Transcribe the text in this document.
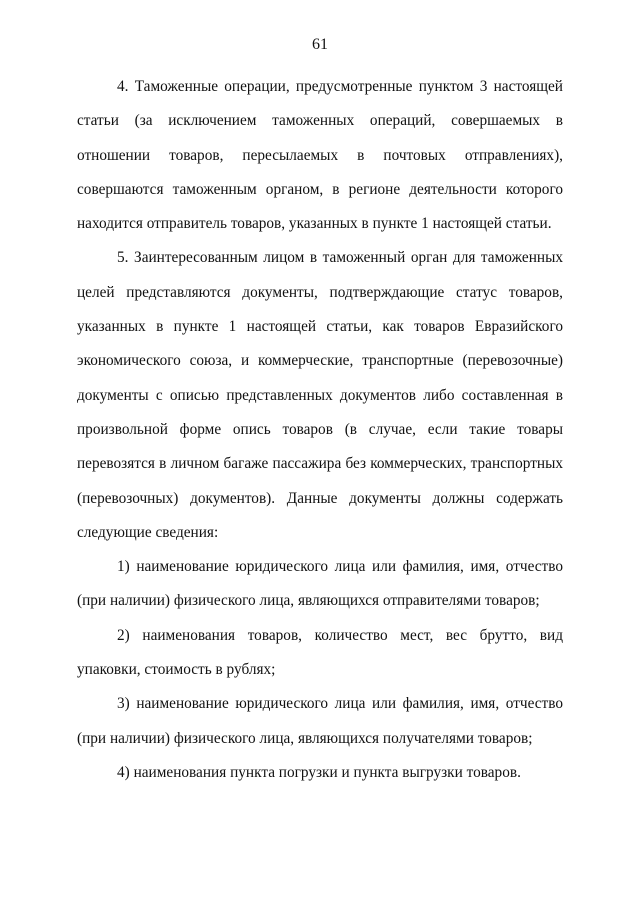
61

4. Таможенные операции, предусмотренные пунктом 3 настоящей статьи (за исключением таможенных операций, совершаемых в отношении товаров, пересылаемых в почтовых отправлениях), совершаются таможенным органом, в регионе деятельности которого находится отправитель товаров, указанных в пункте 1 настоящей статьи.

5. Заинтересованным лицом в таможенный орган для таможенных целей представляются документы, подтверждающие статус товаров, указанных в пункте 1 настоящей статьи, как товаров Евразийского экономического союза, и коммерческие, транспортные (перевозочные) документы с описью представленных документов либо составленная в произвольной форме опись товаров (в случае, если такие товары перевозятся в личном багаже пассажира без коммерческих, транспортных (перевозочных) документов). Данные документы должны содержать следующие сведения:

1) наименование юридического лица или фамилия, имя, отчество (при наличии) физического лица, являющихся отправителями товаров;

2) наименования товаров, количество мест, вес брутто, вид упаковки, стоимость в рублях;

3) наименование юридического лица или фамилия, имя, отчество (при наличии) физического лица, являющихся получателями товаров;

4) наименования пункта погрузки и пункта выгрузки товаров.
